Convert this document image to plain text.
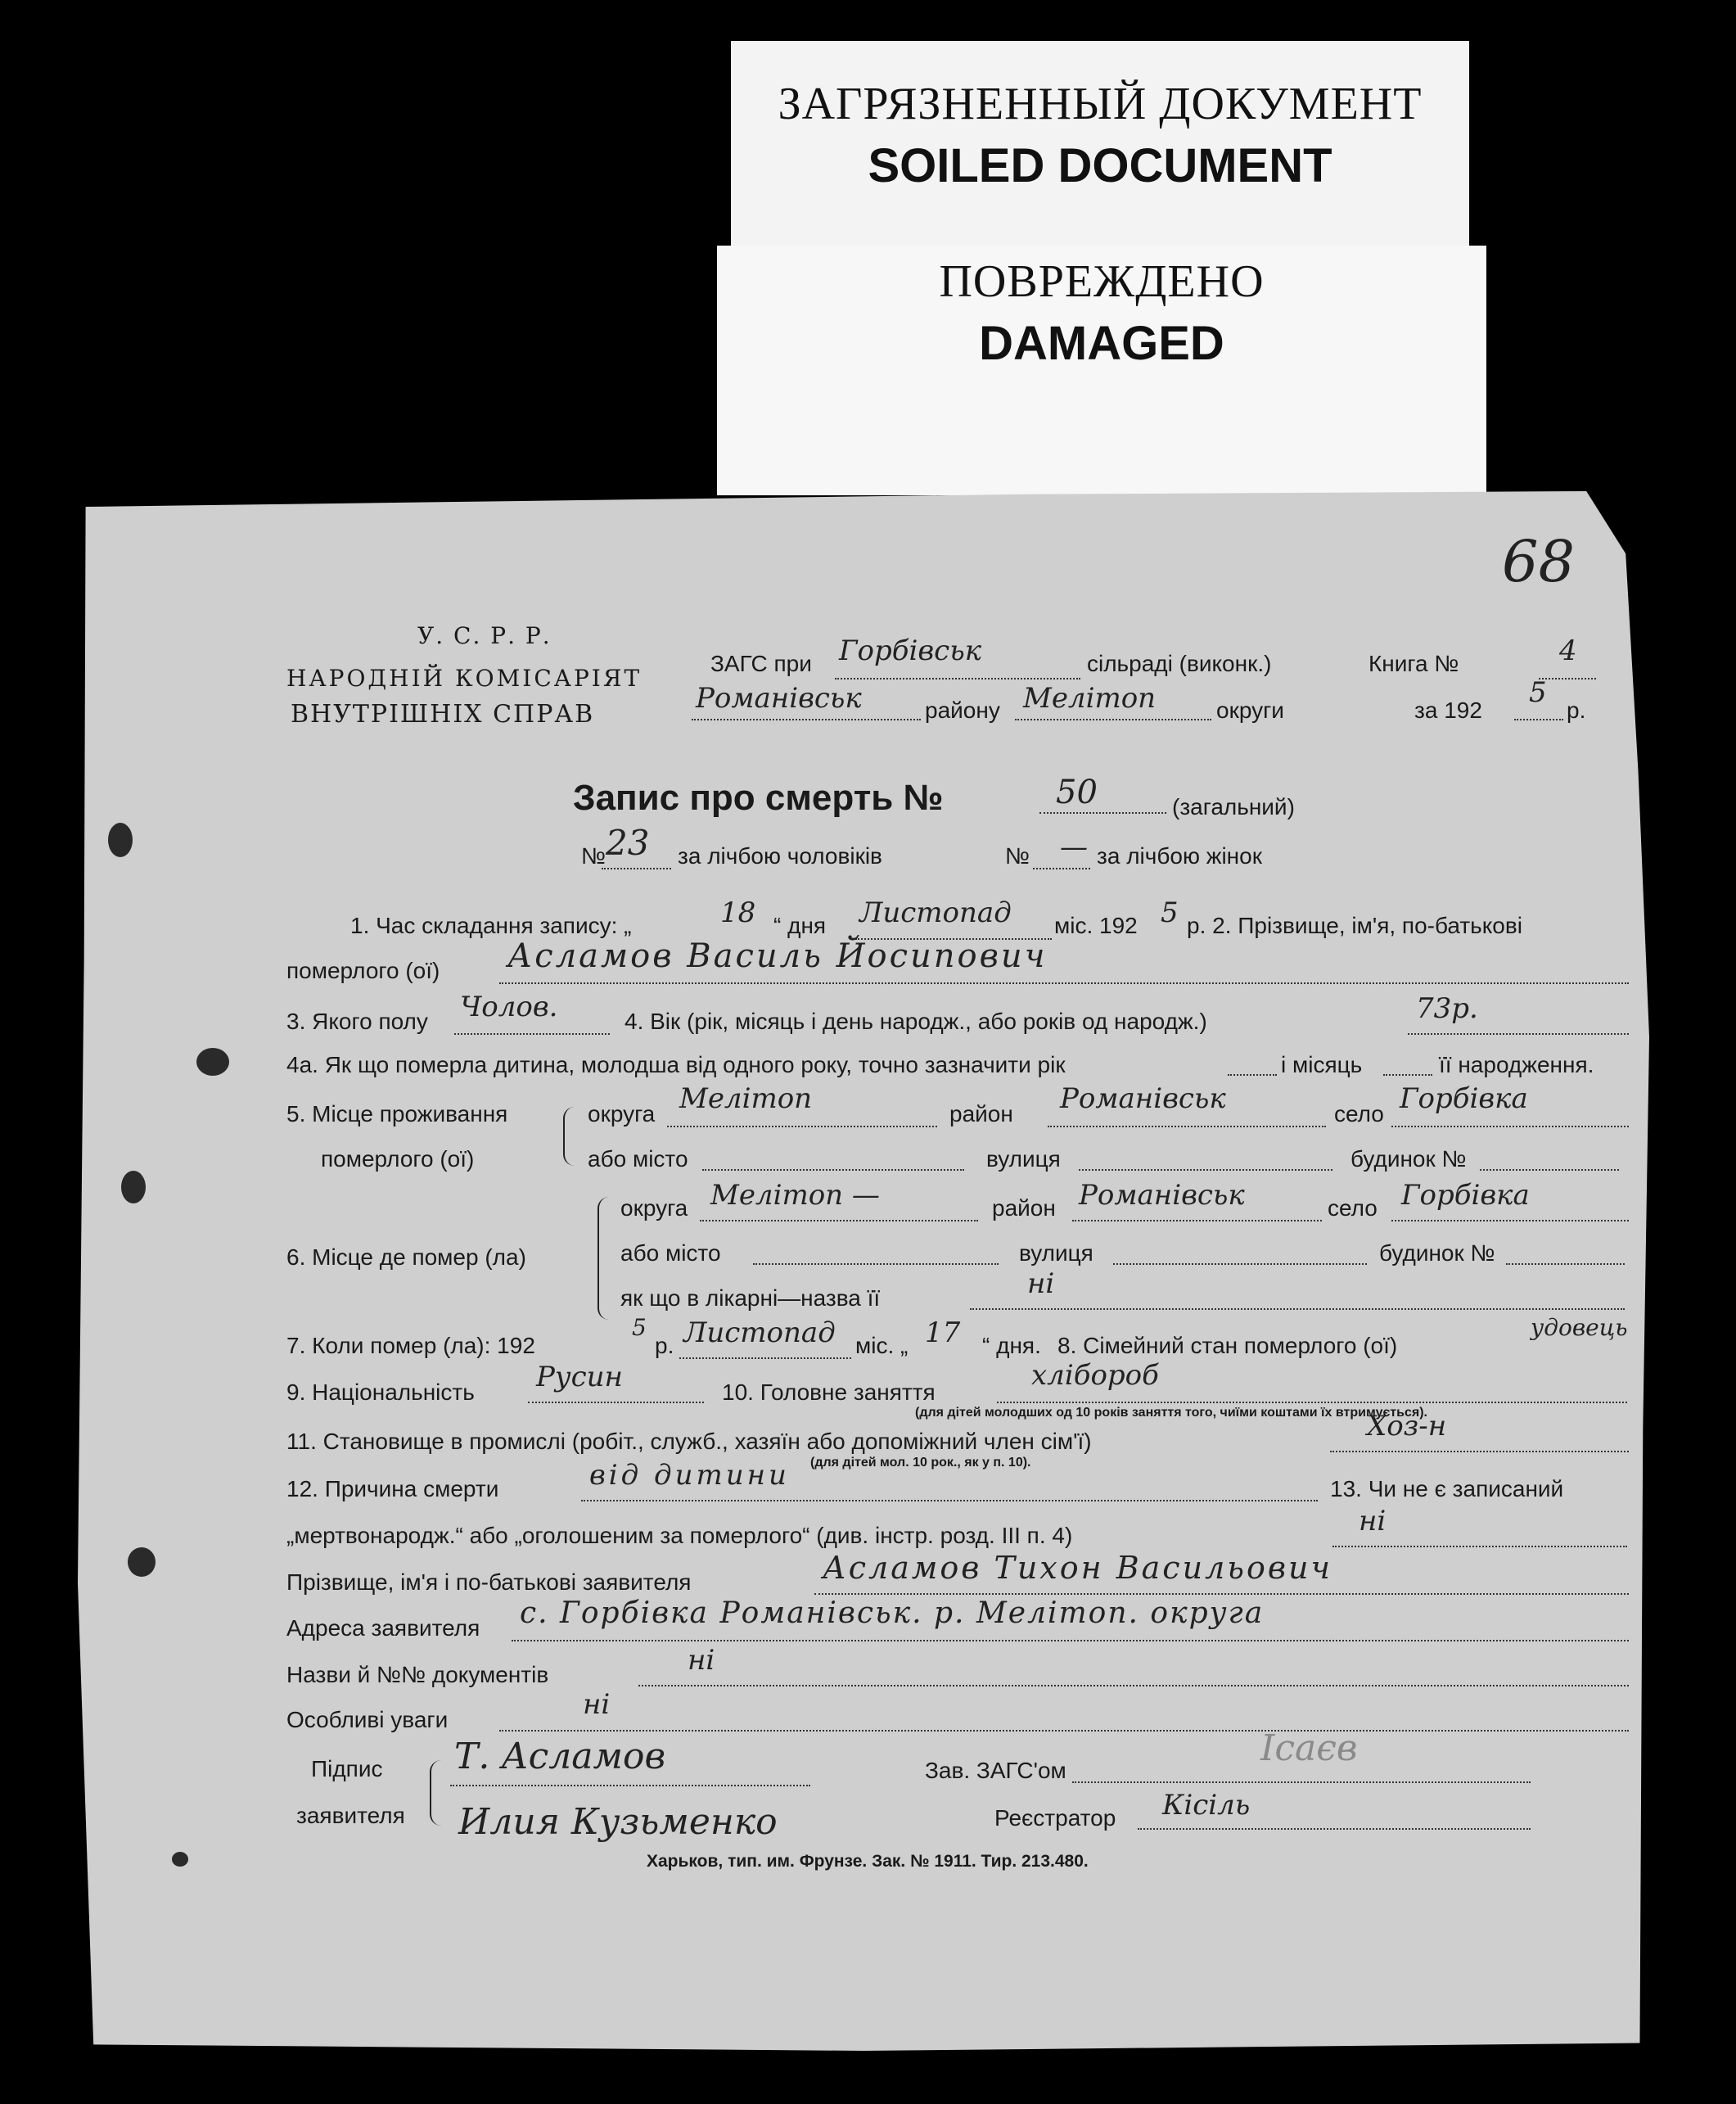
ЗАГРЯЗНЕННЫЙ ДОКУМЕНТ
SOILED DOCUMENT
ПОВРЕЖДЕНО
DAMAGED
68
У. С. Р. Р.
НАРОДНІЙ КОМІСАРІЯТ
ВНУТРІШНІХ СПРАВ
ЗАГС при Горбівськ	сільраді (виконк.)	Книга №	4
Романівськ	району Мелітоп	округи	за 192
5
р.
Запис про смерть №	50	(загальний)
№ 23 за лічбою чоловіків	№ — за лічбою жінок
1. Час складання запису: „	18 “ дня Листопад міс. 192 5 р. 2. Прізвище, ім'я, по-батькові
померлого (ої) Асламов Василь Йосипович
3. Якого полу Чолов.	4. Вік (рік, місяць і день народж., або років од народж.)	73р.
4а. Як що померла дитина, молодша від одного року, точно зазначити рік	і місяць	її народження.
5. Місце проживання
померлого (ої)
округа Мелітоп	район Романівськ	село Горбівка
або місто	вулиця	будинок №
6. Місце де помер (ла)
округа Мелітоп —	район Романівськ	село Горбівка
або місто	вулиця	будинок №
як що в лікарні—назва її	ні
7. Коли помер (ла): 192
5
р. Листопад міс. „ 17 “ дня. 8. Сімейний стан померлого (ої)
удовець
9. Національність Русин	10. Головне заняття
хлібороб
(для дітей молодших од 10 років заняття того, чиїми коштами їх втримується).
11. Становище в промислі (робіт., служб., хазяїн або допоміжний член сім'ї)	Хоз-н
(для дітей мол. 10 рок., як у п. 10).
12. Причина смерти	від дитини	13. Чи не є записаний
„мертвонародж.“ або „оголошеним за померлого“ (див. інстр. розд. III п. 4)	ні
Прізвище, ім'я і по-батькові заявителя	Асламов Тихон Васильович
Адреса заявителя с. Горбівка Романівськ. р. Мелітоп. округа
Назви й №№ документів	ні
Особливі уваги	ні
Підпис
заявителя
Т. Асламов
Илия Кузьменко
Зав. ЗАГС'ом
Ісаєв
Реєстратор Кісіль
Харьков, тип. им. Фрунзе. Зак. № 1911. Тир. 213.480.
